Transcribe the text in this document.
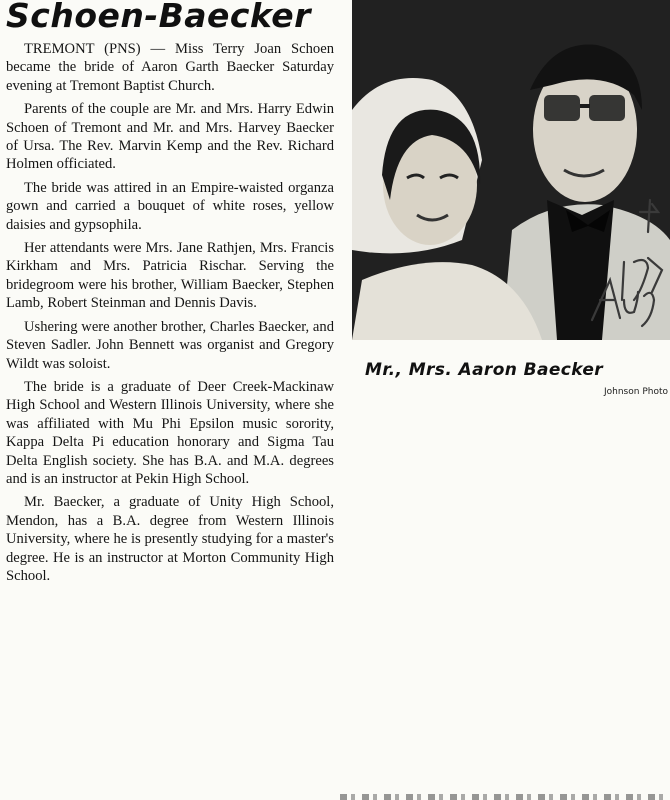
Schoen-Baecker

TREMONT (PNS) — Miss Terry Joan Schoen became the bride of Aaron Garth Baecker Saturday evening at Tremont Baptist Church.

Parents of the couple are Mr. and Mrs. Harry Edwin Schoen of Tremont and Mr. and Mrs. Harvey Baecker of Ursa. The Rev. Marvin Kemp and the Rev. Richard Holmen officiated.

The bride was attired in an Empire-waisted organza gown and carried a bouquet of white roses, yellow daisies and gypsophila.

Her attendants were Mrs. Jane Rathjen, Mrs. Francis Kirkham and Mrs. Patricia Rischar. Serving the bridegroom were his brother, William Baecker, Stephen Lamb, Robert Steinman and Dennis Davis.

Ushering were another brother, Charles Baecker, and Steven Sadler. John Bennett was organist and Gregory Wildt was soloist.

The bride is a graduate of Deer Creek-Mackinaw High School and Western Illinois University, where she was affiliated with Mu Phi Epsilon music sorority, Kappa Delta Pi education honorary and Sigma Tau Delta English society. She has B.A. and M.A. degrees and is an instructor at Pekin High School.

Mr. Baecker, a graduate of Unity High School, Mendon, has a B.A. degree from Western Illinois University, where he is presently studying for a master's degree. He is an instructor at Morton Community High School.

Mr., Mrs. Aaron Baecker
Johnson Photo
